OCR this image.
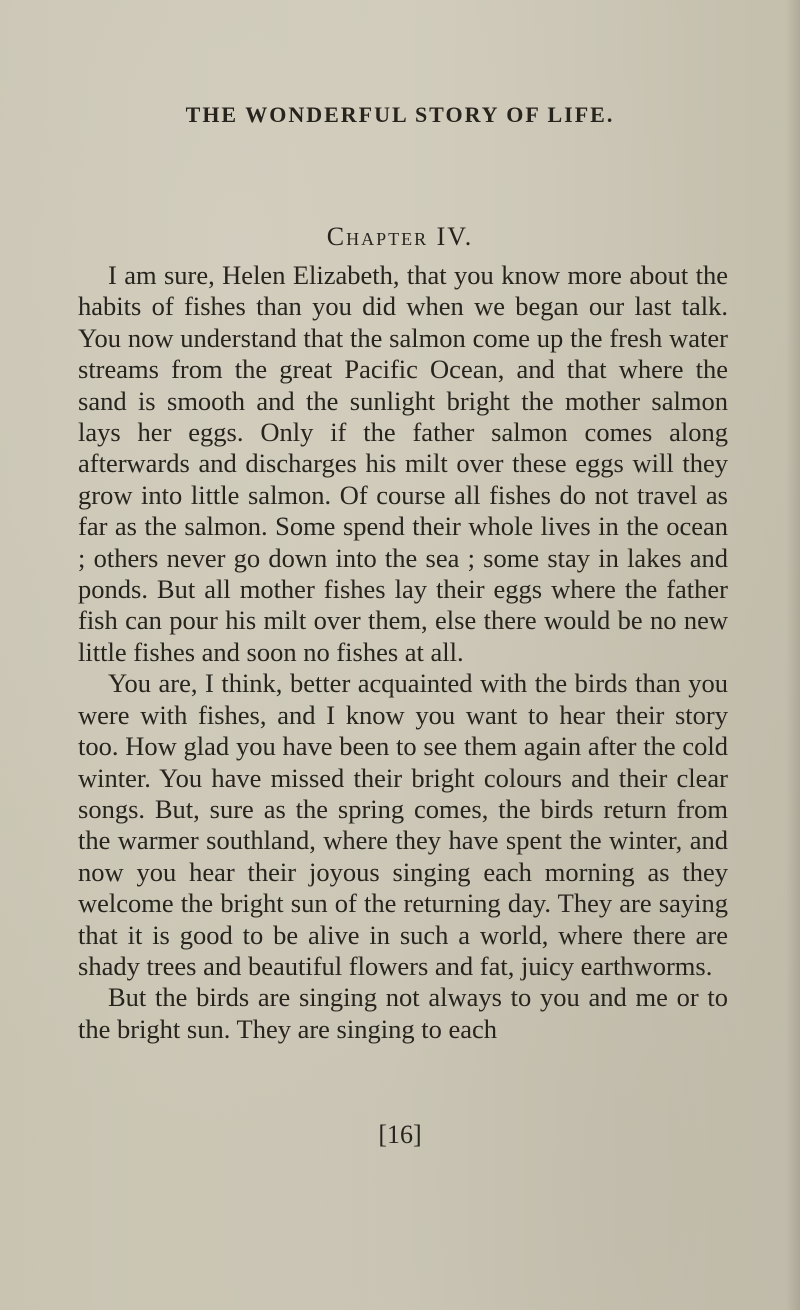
THE WONDERFUL STORY OF LIFE.
Chapter IV.

I am sure, Helen Elizabeth, that you know more about the habits of fishes than you did when we began our last talk. You now understand that the salmon come up the fresh water streams from the great Pacific Ocean, and that where the sand is smooth and the sunlight bright the mother salmon lays her eggs. Only if the father salmon comes along afterwards and discharges his milt over these eggs will they grow into little salmon. Of course all fishes do not travel as far as the salmon. Some spend their whole lives in the ocean ; others never go down into the sea ; some stay in lakes and ponds. But all mother fishes lay their eggs where the father fish can pour his milt over them, else there would be no new little fishes and soon no fishes at all.

You are, I think, better acquainted with the birds than you were with fishes, and I know you want to hear their story too. How glad you have been to see them again after the cold winter. You have missed their bright colours and their clear songs. But, sure as the spring comes, the birds return from the warmer southland, where they have spent the winter, and now you hear their joyous singing each morning as they welcome the bright sun of the returning day. They are saying that it is good to be alive in such a world, where there are shady trees and beautiful flowers and fat, juicy earthworms.

But the birds are singing not always to you and me or to the bright sun. They are singing to each

[16]
